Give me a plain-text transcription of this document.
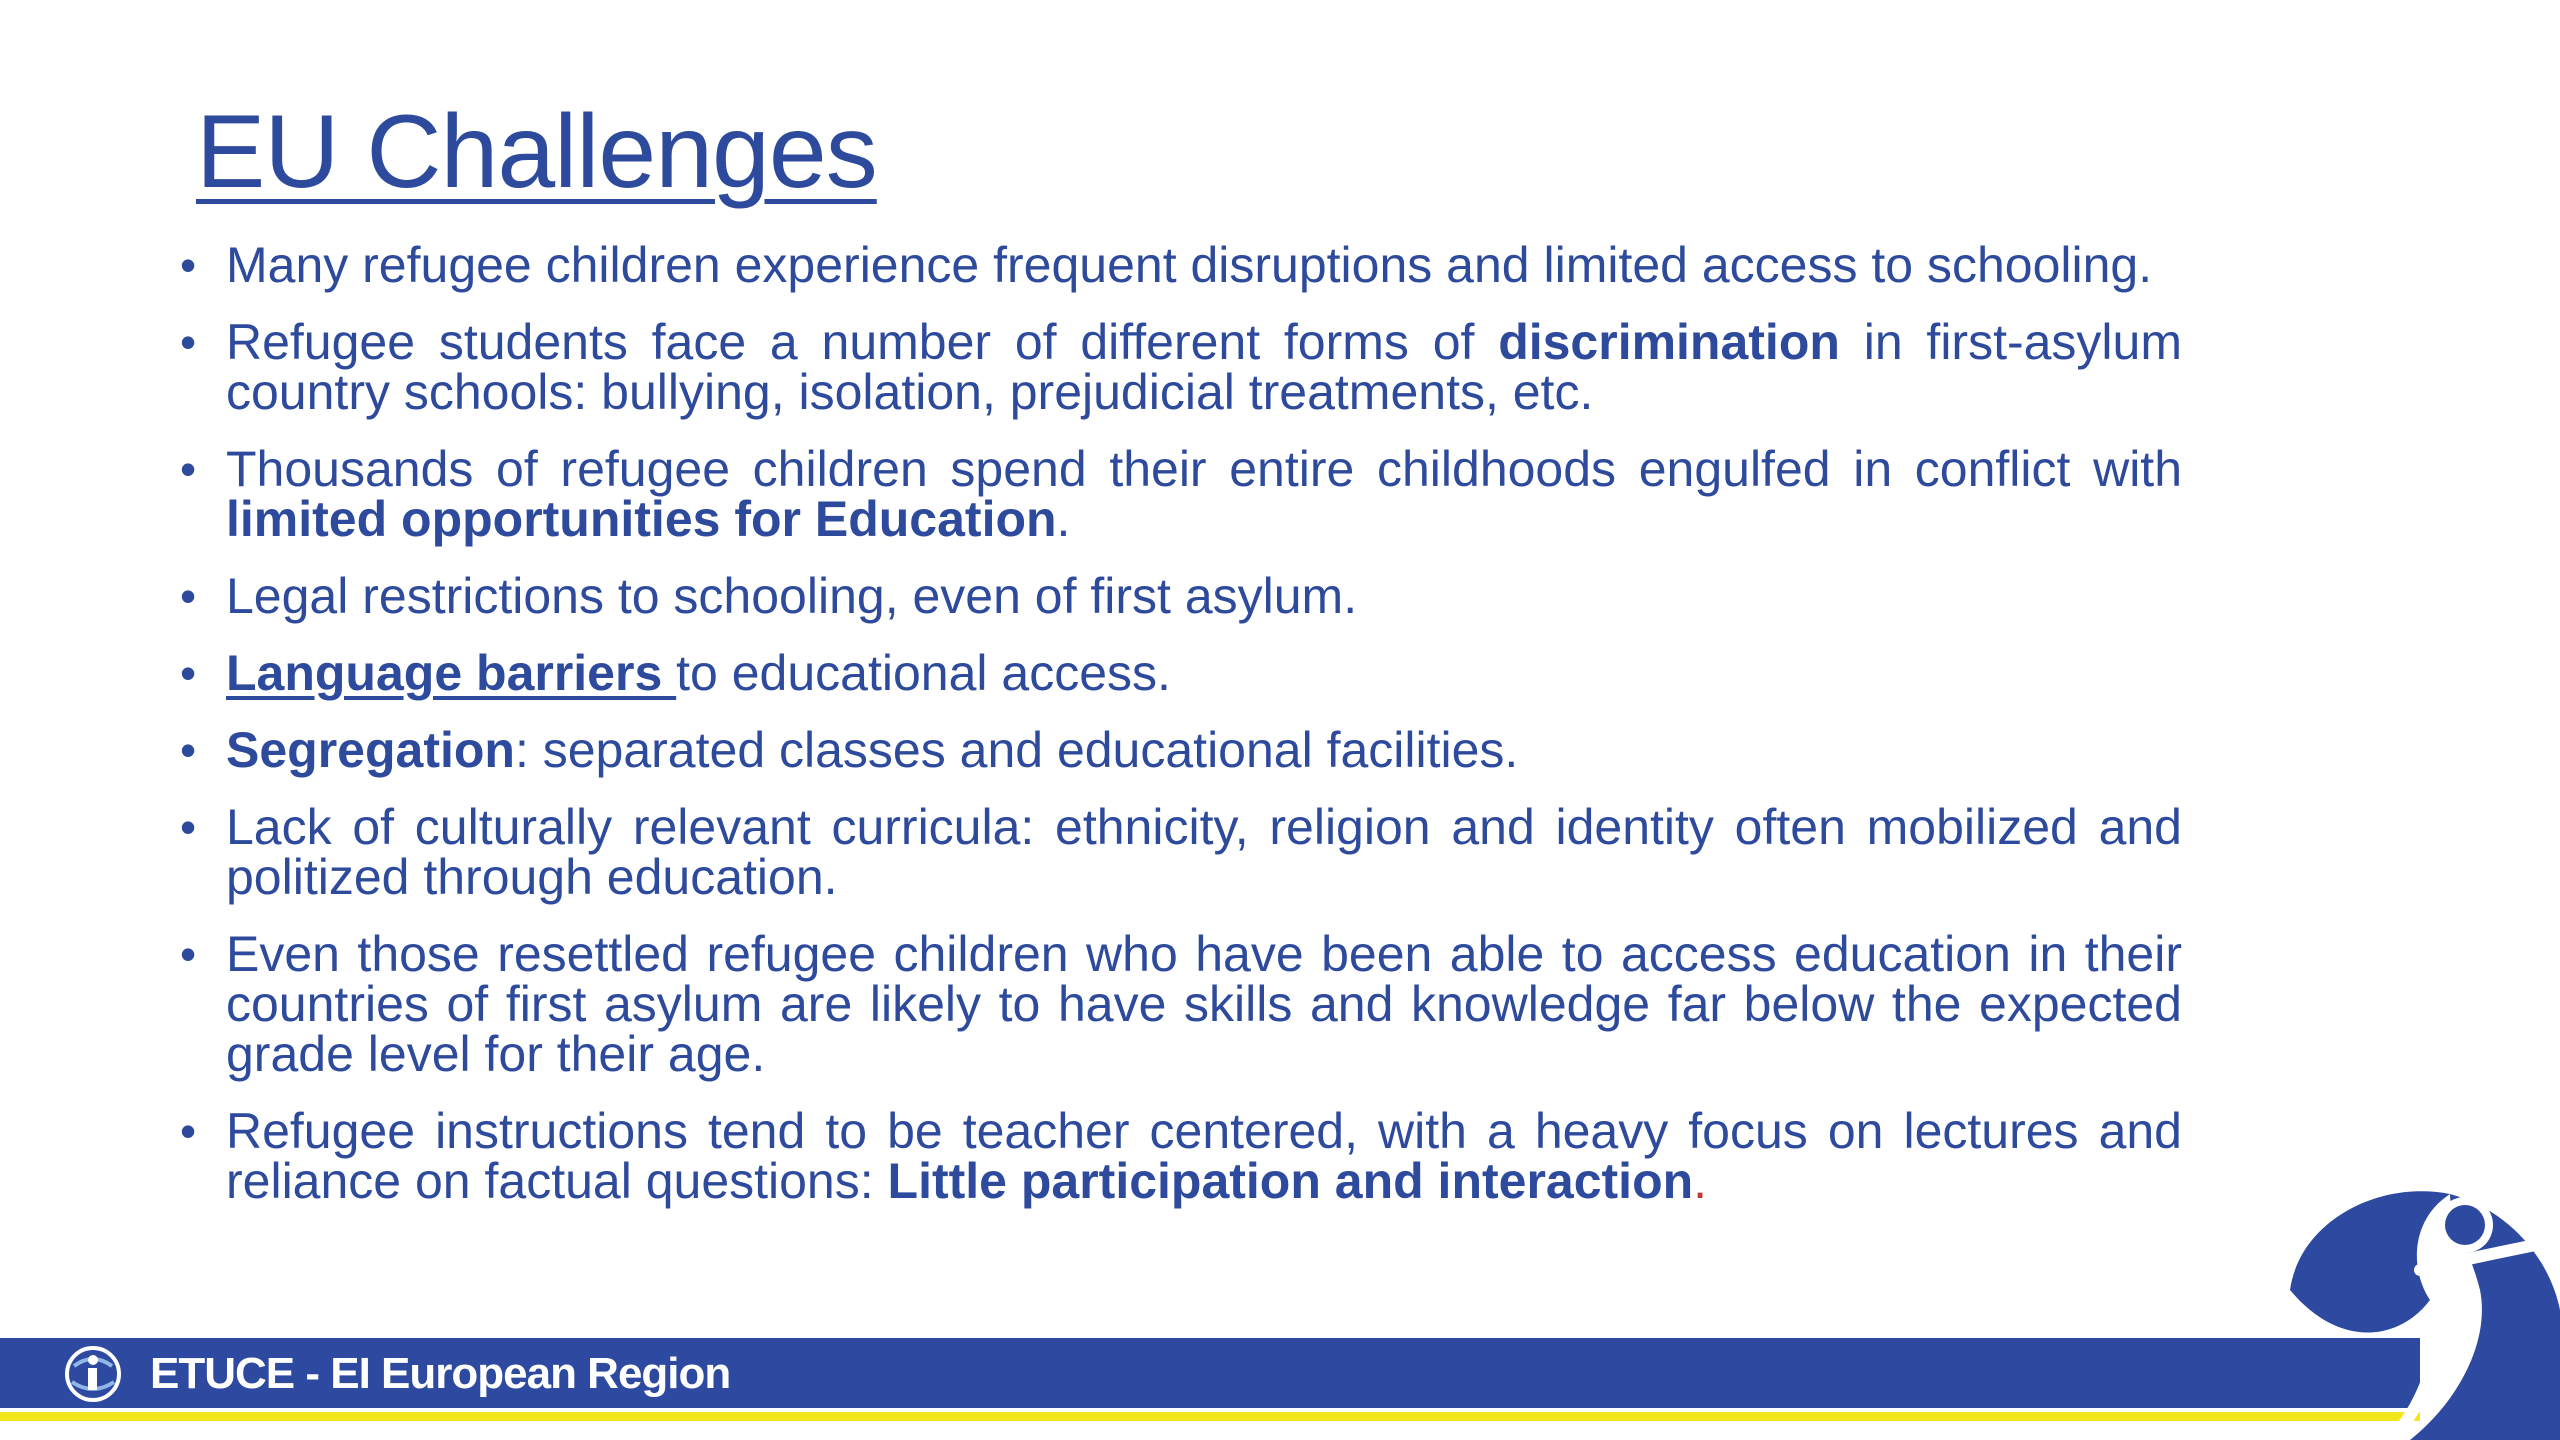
EU Challenges
• Many refugee children experience frequent disruptions and limited access to schooling.
• Refugee students face a number of different forms of discrimination in first-asylum country schools: bullying, isolation, prejudicial treatments, etc.
• Thousands of refugee children spend their entire childhoods engulfed in conflict with limited opportunities for Education.
• Legal restrictions to schooling, even of first asylum.
• Language barriers to educational access.
• Segregation: separated classes and educational facilities.
• Lack of culturally relevant curricula: ethnicity, religion and identity often mobilized and politized through education.
• Even those resettled refugee children who have been able to access education in their countries of first asylum are likely to have skills and knowledge far below the expected grade level for their age.
• Refugee instructions tend to be teacher centered, with a heavy focus on lectures and reliance on factual questions: Little participation and interaction.
ETUCE - EI European Region
